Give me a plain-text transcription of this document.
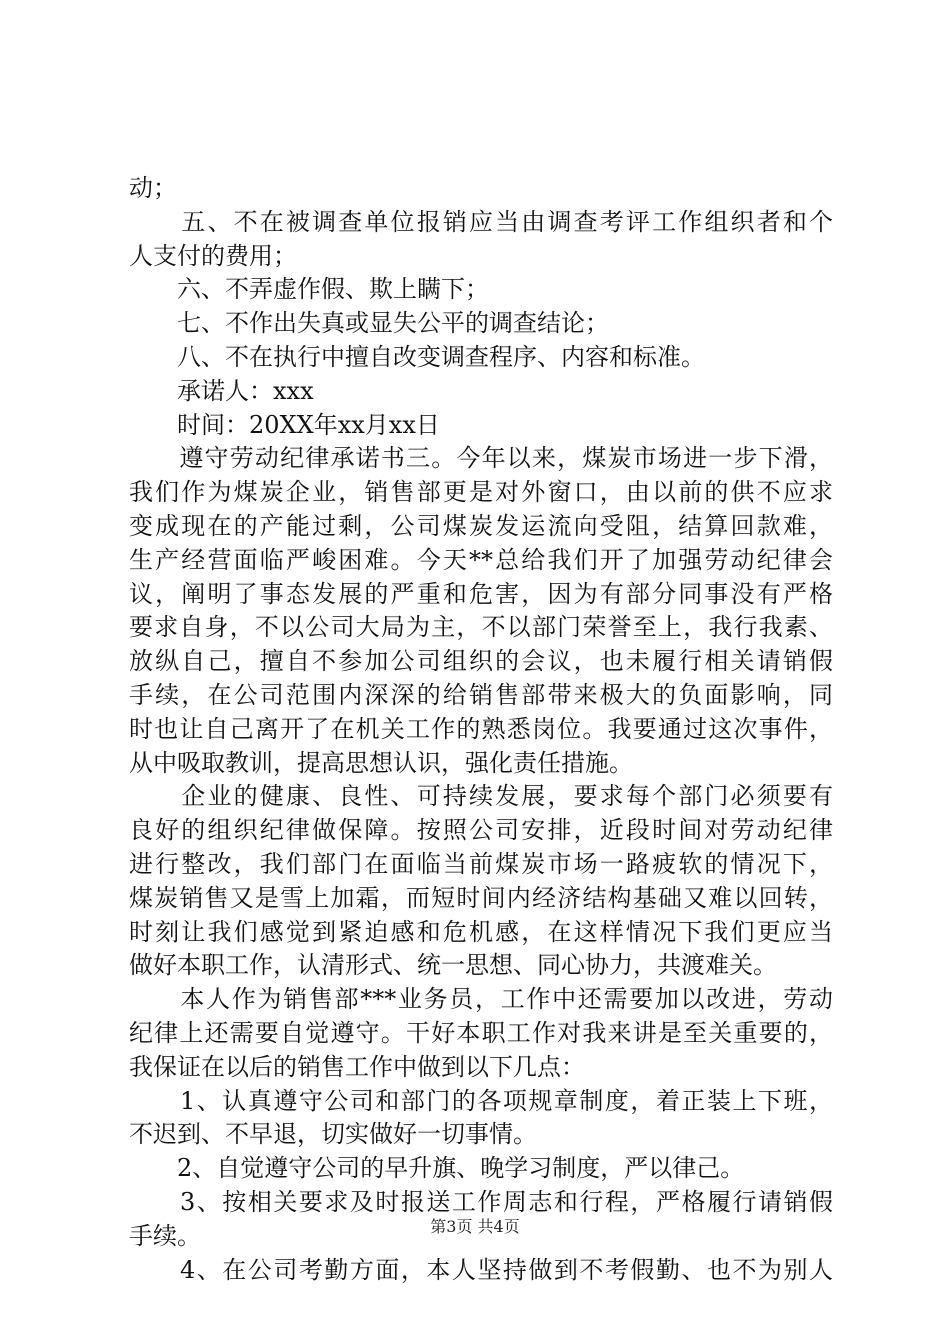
动；
　　五、不在被调查单位报销应当由调查考评工作组织者和个
人支付的费用；
　　六、不弄虚作假、欺上瞒下；
　　七、不作出失真或显失公平的调查结论；
　　八、不在执行中擅自改变调查程序、内容和标准。
　　承诺人：xxx
　　时间：20XX年xx月xx日
　　遵守劳动纪律承诺书三。今年以来，煤炭市场进一步下滑，
我们作为煤炭企业，销售部更是对外窗口，由以前的供不应求
变成现在的产能过剩，公司煤炭发运流向受阻，结算回款难，
生产经营面临严峻困难。今天**总给我们开了加强劳动纪律会
议，阐明了事态发展的严重和危害，因为有部分同事没有严格
要求自身，不以公司大局为主，不以部门荣誉至上，我行我素、
放纵自己，擅自不参加公司组织的会议，也未履行相关请销假
手续，在公司范围内深深的给销售部带来极大的负面影响，同
时也让自己离开了在机关工作的熟悉岗位。我要通过这次事件，
从中吸取教训，提高思想认识，强化责任措施。
　　企业的健康、良性、可持续发展，要求每个部门必须要有
良好的组织纪律做保障。按照公司安排，近段时间对劳动纪律
进行整改，我们部门在面临当前煤炭市场一路疲软的情况下，
煤炭销售又是雪上加霜，而短时间内经济结构基础又难以回转，
时刻让我们感觉到紧迫感和危机感，在这样情况下我们更应当
做好本职工作，认清形式、统一思想、同心协力，共渡难关。
　　本人作为销售部***业务员，工作中还需要加以改进，劳动
纪律上还需要自觉遵守。干好本职工作对我来讲是至关重要的，
我保证在以后的销售工作中做到以下几点：
　　1、认真遵守公司和部门的各项规章制度，着正装上下班，
不迟到、不早退，切实做好一切事情。
　　2、自觉遵守公司的早升旗、晚学习制度，严以律己。
　　3、按相关要求及时报送工作周志和行程，严格履行请销假
手续。
　　4、在公司考勤方面，本人坚持做到不考假勤、也不为别人
第3页 共4页
